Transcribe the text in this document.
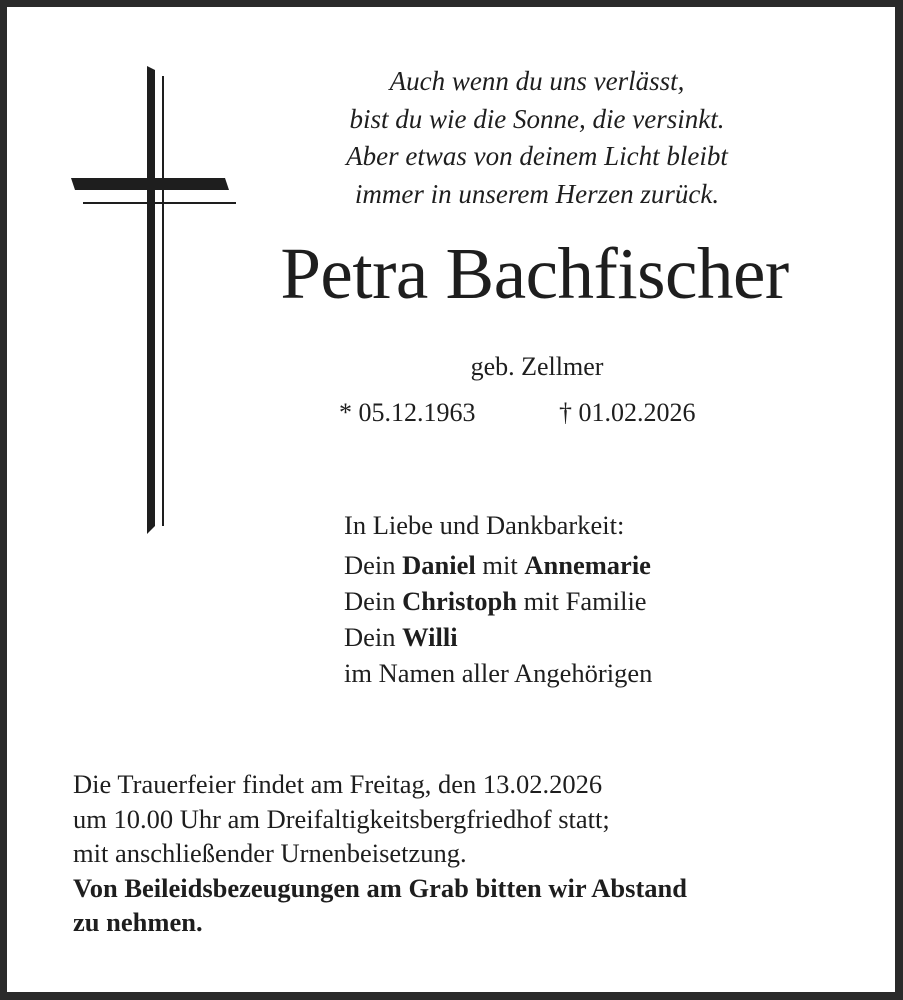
Auch wenn du uns verlässt,
bist du wie die Sonne, die versinkt.
Aber etwas von deinem Licht bleibt
immer in unserem Herzen zurück.
Petra Bachfischer
geb. Zellmer
* 05.12.1963	† 01.02.2026
In Liebe und Dankbarkeit:
Dein Daniel mit Annemarie
Dein Christoph mit Familie
Dein Willi
im Namen aller Angehörigen
Die Trauerfeier findet am Freitag, den 13.02.2026
um 10.00 Uhr am Dreifaltigkeitsbergfriedhof statt;
mit anschließender Urnenbeisetzung.
Von Beileidsbezeugungen am Grab bitten wir Abstand
zu nehmen.
